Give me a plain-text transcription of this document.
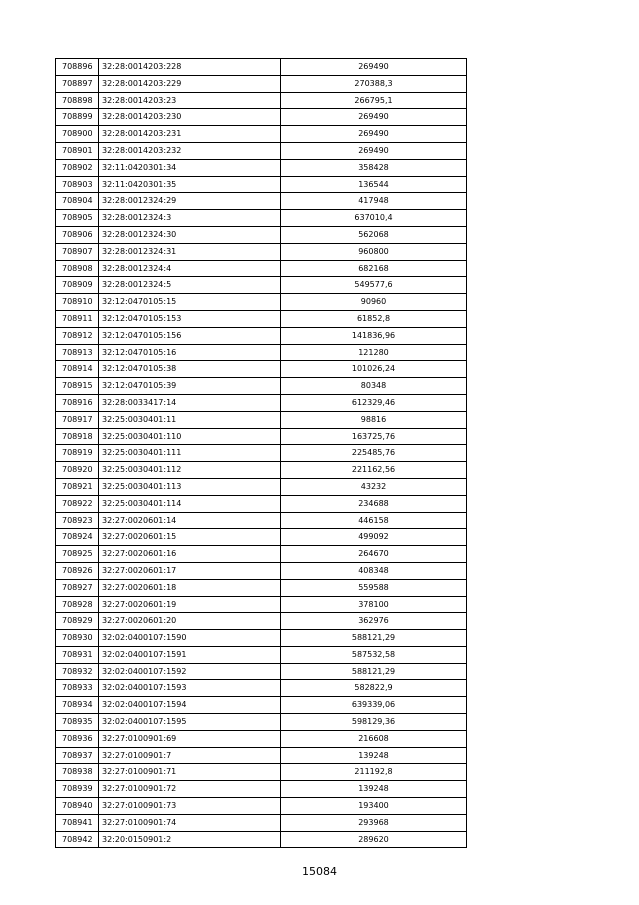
708896	32:28:0014203:228	269490
708897	32:28:0014203:229	270388,3
708898	32:28:0014203:23	266795,1
708899	32:28:0014203:230	269490
708900	32:28:0014203:231	269490
708901	32:28:0014203:232	269490
708902	32:11:0420301:34	358428
708903	32:11:0420301:35	136544
708904	32:28:0012324:29	417948
708905	32:28:0012324:3	637010,4
708906	32:28:0012324:30	562068
708907	32:28:0012324:31	960800
708908	32:28:0012324:4	682168
708909	32:28:0012324:5	549577,6
708910	32:12:0470105:15	90960
708911	32:12:0470105:153	61852,8
708912	32:12:0470105:156	141836,96
708913	32:12:0470105:16	121280
708914	32:12:0470105:38	101026,24
708915	32:12:0470105:39	80348
708916	32:28:0033417:14	612329,46
708917	32:25:0030401:11	98816
708918	32:25:0030401:110	163725,76
708919	32:25:0030401:111	225485,76
708920	32:25:0030401:112	221162,56
708921	32:25:0030401:113	43232
708922	32:25:0030401:114	234688
708923	32:27:0020601:14	446158
708924	32:27:0020601:15	499092
708925	32:27:0020601:16	264670
708926	32:27:0020601:17	408348
708927	32:27:0020601:18	559588
708928	32:27:0020601:19	378100
708929	32:27:0020601:20	362976
708930	32:02:0400107:1590	588121,29
708931	32:02:0400107:1591	587532,58
708932	32:02:0400107:1592	588121,29
708933	32:02:0400107:1593	582822,9
708934	32:02:0400107:1594	639339,06
708935	32:02:0400107:1595	598129,36
708936	32:27:0100901:69	216608
708937	32:27:0100901:7	139248
708938	32:27:0100901:71	211192,8
708939	32:27:0100901:72	139248
708940	32:27:0100901:73	193400
708941	32:27:0100901:74	293968
708942	32:20:0150901:2	289620
15084
